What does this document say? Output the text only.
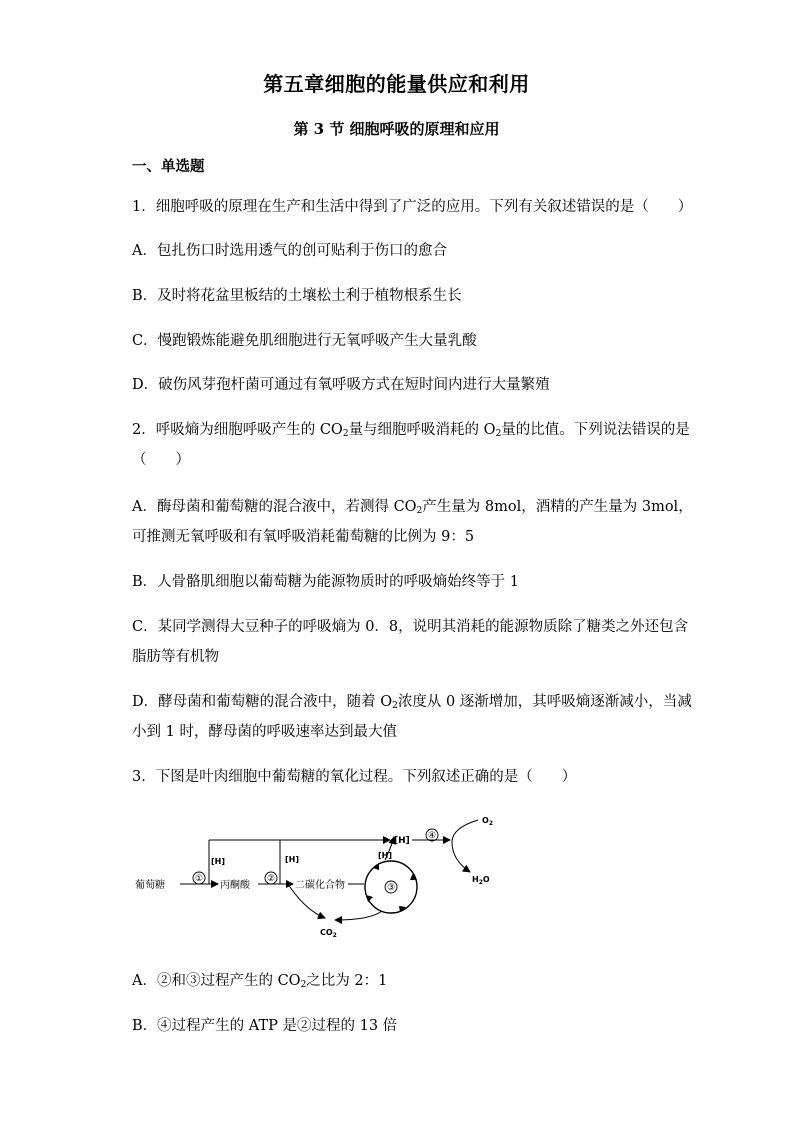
第五章细胞的能量供应和利用
第 3 节 细胞呼吸的原理和应用
一、单选题
1．细胞呼吸的原理在生产和生活中得到了广泛的应用。下列有关叙述错误的是（　　）
A．包扎伤口时选用透气的创可贴利于伤口的愈合
B．及时将花盆里板结的土壤松土利于植物根系生长
C．慢跑锻炼能避免肌细胞进行无氧呼吸产生大量乳酸
D．破伤风芽孢杆菌可通过有氧呼吸方式在短时间内进行大量繁殖
2．呼吸熵为细胞呼吸产生的 $CO_2$量与细胞呼吸消耗的 $O_2$量的比值。下列说法错误的是
（　　）
A．酶母菌和葡萄糖的混合液中，若测得 $CO_2$产生量为 8mol，酒精的产生量为 3mol，
可推测无氧呼吸和有氧呼吸消耗葡萄糖的比例为 9：5
B．人骨骼肌细胞以葡萄糖为能源物质时的呼吸熵始终等于 1
C．某同学测得大豆种子的呼吸熵为 0．8，说明其消耗的能源物质除了糖类之外还包含
脂肪等有机物
D．酵母菌和葡萄糖的混合液中，随着 $O_2$浓度从 0 逐渐增加，其呼吸熵逐渐减小，当减
小到 1 时，酵母菌的呼吸速率达到最大值
3．下图是叶肉细胞中葡萄糖的氧化过程。下列叙述正确的是（　　）
葡萄糖
①
丙酮酸
②
二碳化合物
[H]	[H]
[H]
③
[H]
$CO_2$
④
$O_2$
$H_2O$
A．②和③过程产生的 $CO_2$之比为 2：1
B．④过程产生的 ATP 是②过程的 13 倍
